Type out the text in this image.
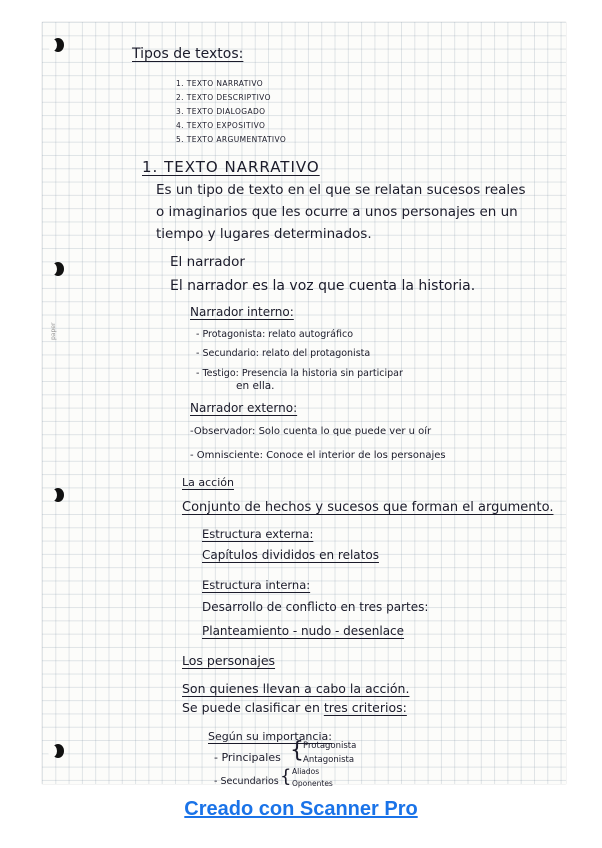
paper
Tipos de textos:
1. TEXTO NARRATIVO
2. TEXTO DESCRIPTIVO
3. TEXTO DIALOGADO
4. TEXTO EXPOSITIVO
5. TEXTO ARGUMENTATIVO
1. TEXTO NARRATIVO
Es un tipo de texto en el que se relatan sucesos reales
o imaginarios que les ocurre a unos personajes en un
tiempo y lugares determinados.
El narrador
El narrador es la voz que cuenta la historia.
Narrador interno:
- Protagonista: relato autográfico
- Secundario: relato del protagonista
- Testigo: Presencia la historia sin participar
en ella.
Narrador externo:
-Observador: Solo cuenta lo que puede ver u oír
- Omnisciente: Conoce el interior de los personajes
La acción
Conjunto de hechos y sucesos que forman el argumento.
Estructura externa:
Capítulos divididos en relatos
Estructura interna:
Desarrollo de conflicto en tres partes:
Planteamiento - nudo - desenlace
Los personajes
Son quienes llevan a cabo la acción.
Se puede clasificar en tres criterios:
Según su importancia:
- Principales { Protagonista
Antagonista
- Secundarios { Aliados
Oponentes
Creado con Scanner Pro
